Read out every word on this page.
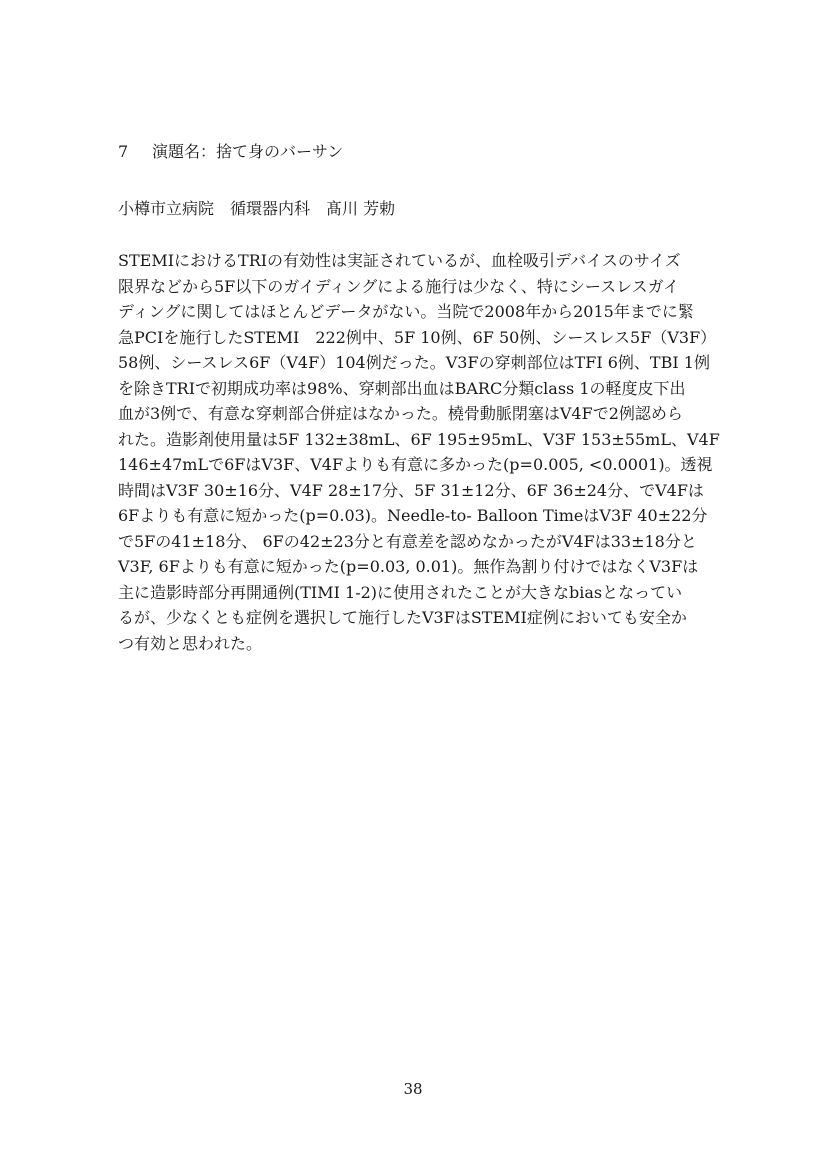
7 演題名：捨て身のバーサン
小樽市立病院　循環器内科　髙川 芳勅
STEMIにおけるTRIの有効性は実証されているが、血栓吸引デバイスのサイズ
限界などから5F以下のガイディングによる施行は少なく、特にシースレスガイ
ディングに関してはほとんどデータがない。当院で2008年から2015年までに緊
急PCIを施行したSTEMI　222例中、5F 10例、6F 50例、シースレス5F（V3F）
58例、シースレス6F（V4F）104例だった。V3Fの穿刺部位はTFI 6例、TBI 1例
を除きTRIで初期成功率は98%、穿刺部出血はBARC分類class 1の軽度皮下出
血が3例で、有意な穿刺部合併症はなかった。橈骨動脈閉塞はV4Fで2例認めら
れた。造影剤使用量は5F 132±38mL、6F 195±95mL、V3F 153±55mL、V4F
146±47mLで6FはV3F、V4Fよりも有意に多かった(p=0.005, <0.0001)。透視
時間はV3F 30±16分、V4F 28±17分、5F 31±12分、6F 36±24分、でV4Fは
6Fよりも有意に短かった(p=0.03)。Needle-to- Balloon TimeはV3F 40±22分
で5Fの41±18分、 6Fの42±23分と有意差を認めなかったがV4Fは33±18分と
V3F, 6Fよりも有意に短かった(p=0.03, 0.01)。無作為割り付けではなくV3Fは
主に造影時部分再開通例(TIMI 1-2)に使用されたことが大きなbiasとなってい
るが、少なくとも症例を選択して施行したV3FはSTEMI症例においても安全か
つ有効と思われた。
38
